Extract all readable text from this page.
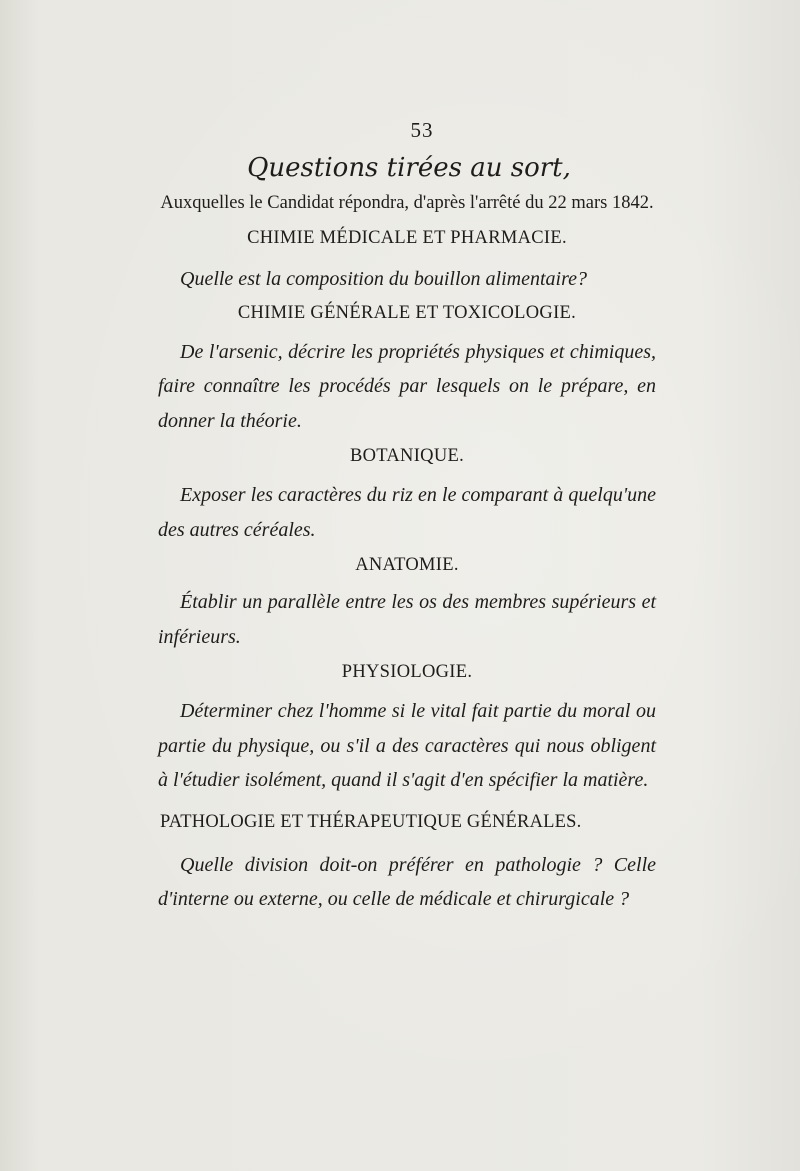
53
Questions tirées au sort,
Auxquelles le Candidat répondra, d'après l'arrêté du 22 mars 1842.
CHIMIE MÉDICALE ET PHARMACIE.
Quelle est la composition du bouillon alimentaire?
CHIMIE GÉNÉRALE ET TOXICOLOGIE.
De l'arsenic, décrire les propriétés physiques et chimiques, faire connaître les procédés par lesquels on le prépare, en donner la théorie.
BOTANIQUE.
Exposer les caractères du riz en le comparant à quelqu'une des autres céréales.
ANATOMIE.
Établir un parallèle entre les os des membres supérieurs et inférieurs.
PHYSIOLOGIE.
Déterminer chez l'homme si le vital fait partie du moral ou partie du physique, ou s'il a des caractères qui nous obligent à l'étudier isolément, quand il s'agit d'en spécifier la matière.
PATHOLOGIE ET THÉRAPEUTIQUE GÉNÉRALES.
Quelle division doit-on préférer en pathologie ? Celle d'interne ou externe, ou celle de médicale et chirurgicale ?
